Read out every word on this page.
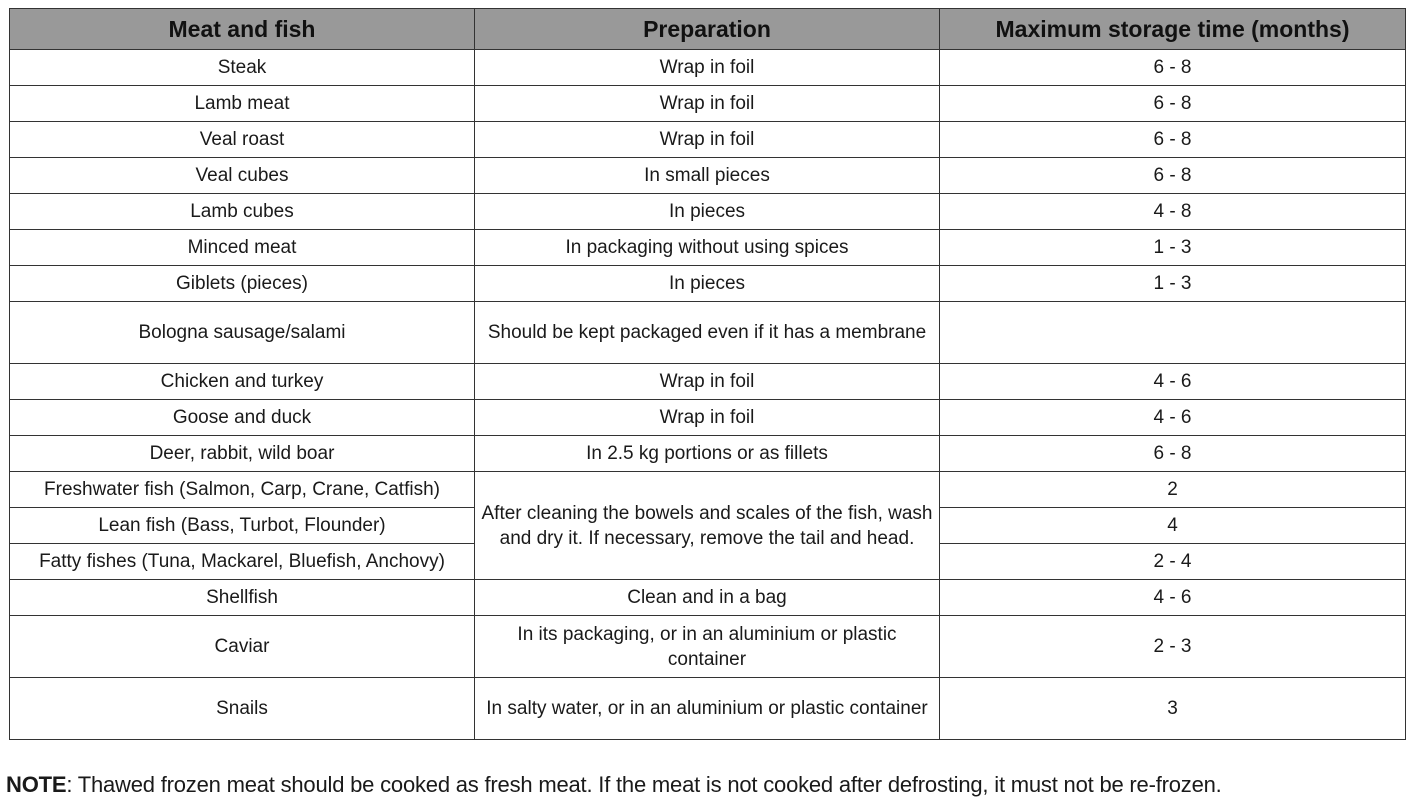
Meat and fish	Preparation	Maximum storage time (months)
Steak	Wrap in foil	6 - 8
Lamb meat	Wrap in foil	6 - 8
Veal roast	Wrap in foil	6 - 8
Veal cubes	In small pieces	6 - 8
Lamb cubes	In pieces	4 - 8
Minced meat	In packaging without using spices	1 - 3
Giblets (pieces)	In pieces	1 - 3
Bologna sausage/salami	Should be kept packaged even if it has a membrane	
Chicken and turkey	Wrap in foil	4 - 6
Goose and duck	Wrap in foil	4 - 6
Deer, rabbit, wild boar	In 2.5 kg portions or as fillets	6 - 8
Freshwater fish (Salmon, Carp, Crane, Catfish)	After cleaning the bowels and scales of the fish, wash and dry it. If necessary, remove the tail and head.	2
Lean fish (Bass, Turbot, Flounder)		4
Fatty fishes (Tuna, Mackarel, Bluefish, Anchovy)		2 - 4
Shellfish	Clean and in a bag	4 - 6
Caviar	In its packaging, or in an aluminium or plastic container	2 - 3
Snails	In salty water, or in an aluminium or plastic container	3
NOTE: Thawed frozen meat should be cooked as fresh meat. If the meat is not cooked after defrosting, it must not be re-frozen.
